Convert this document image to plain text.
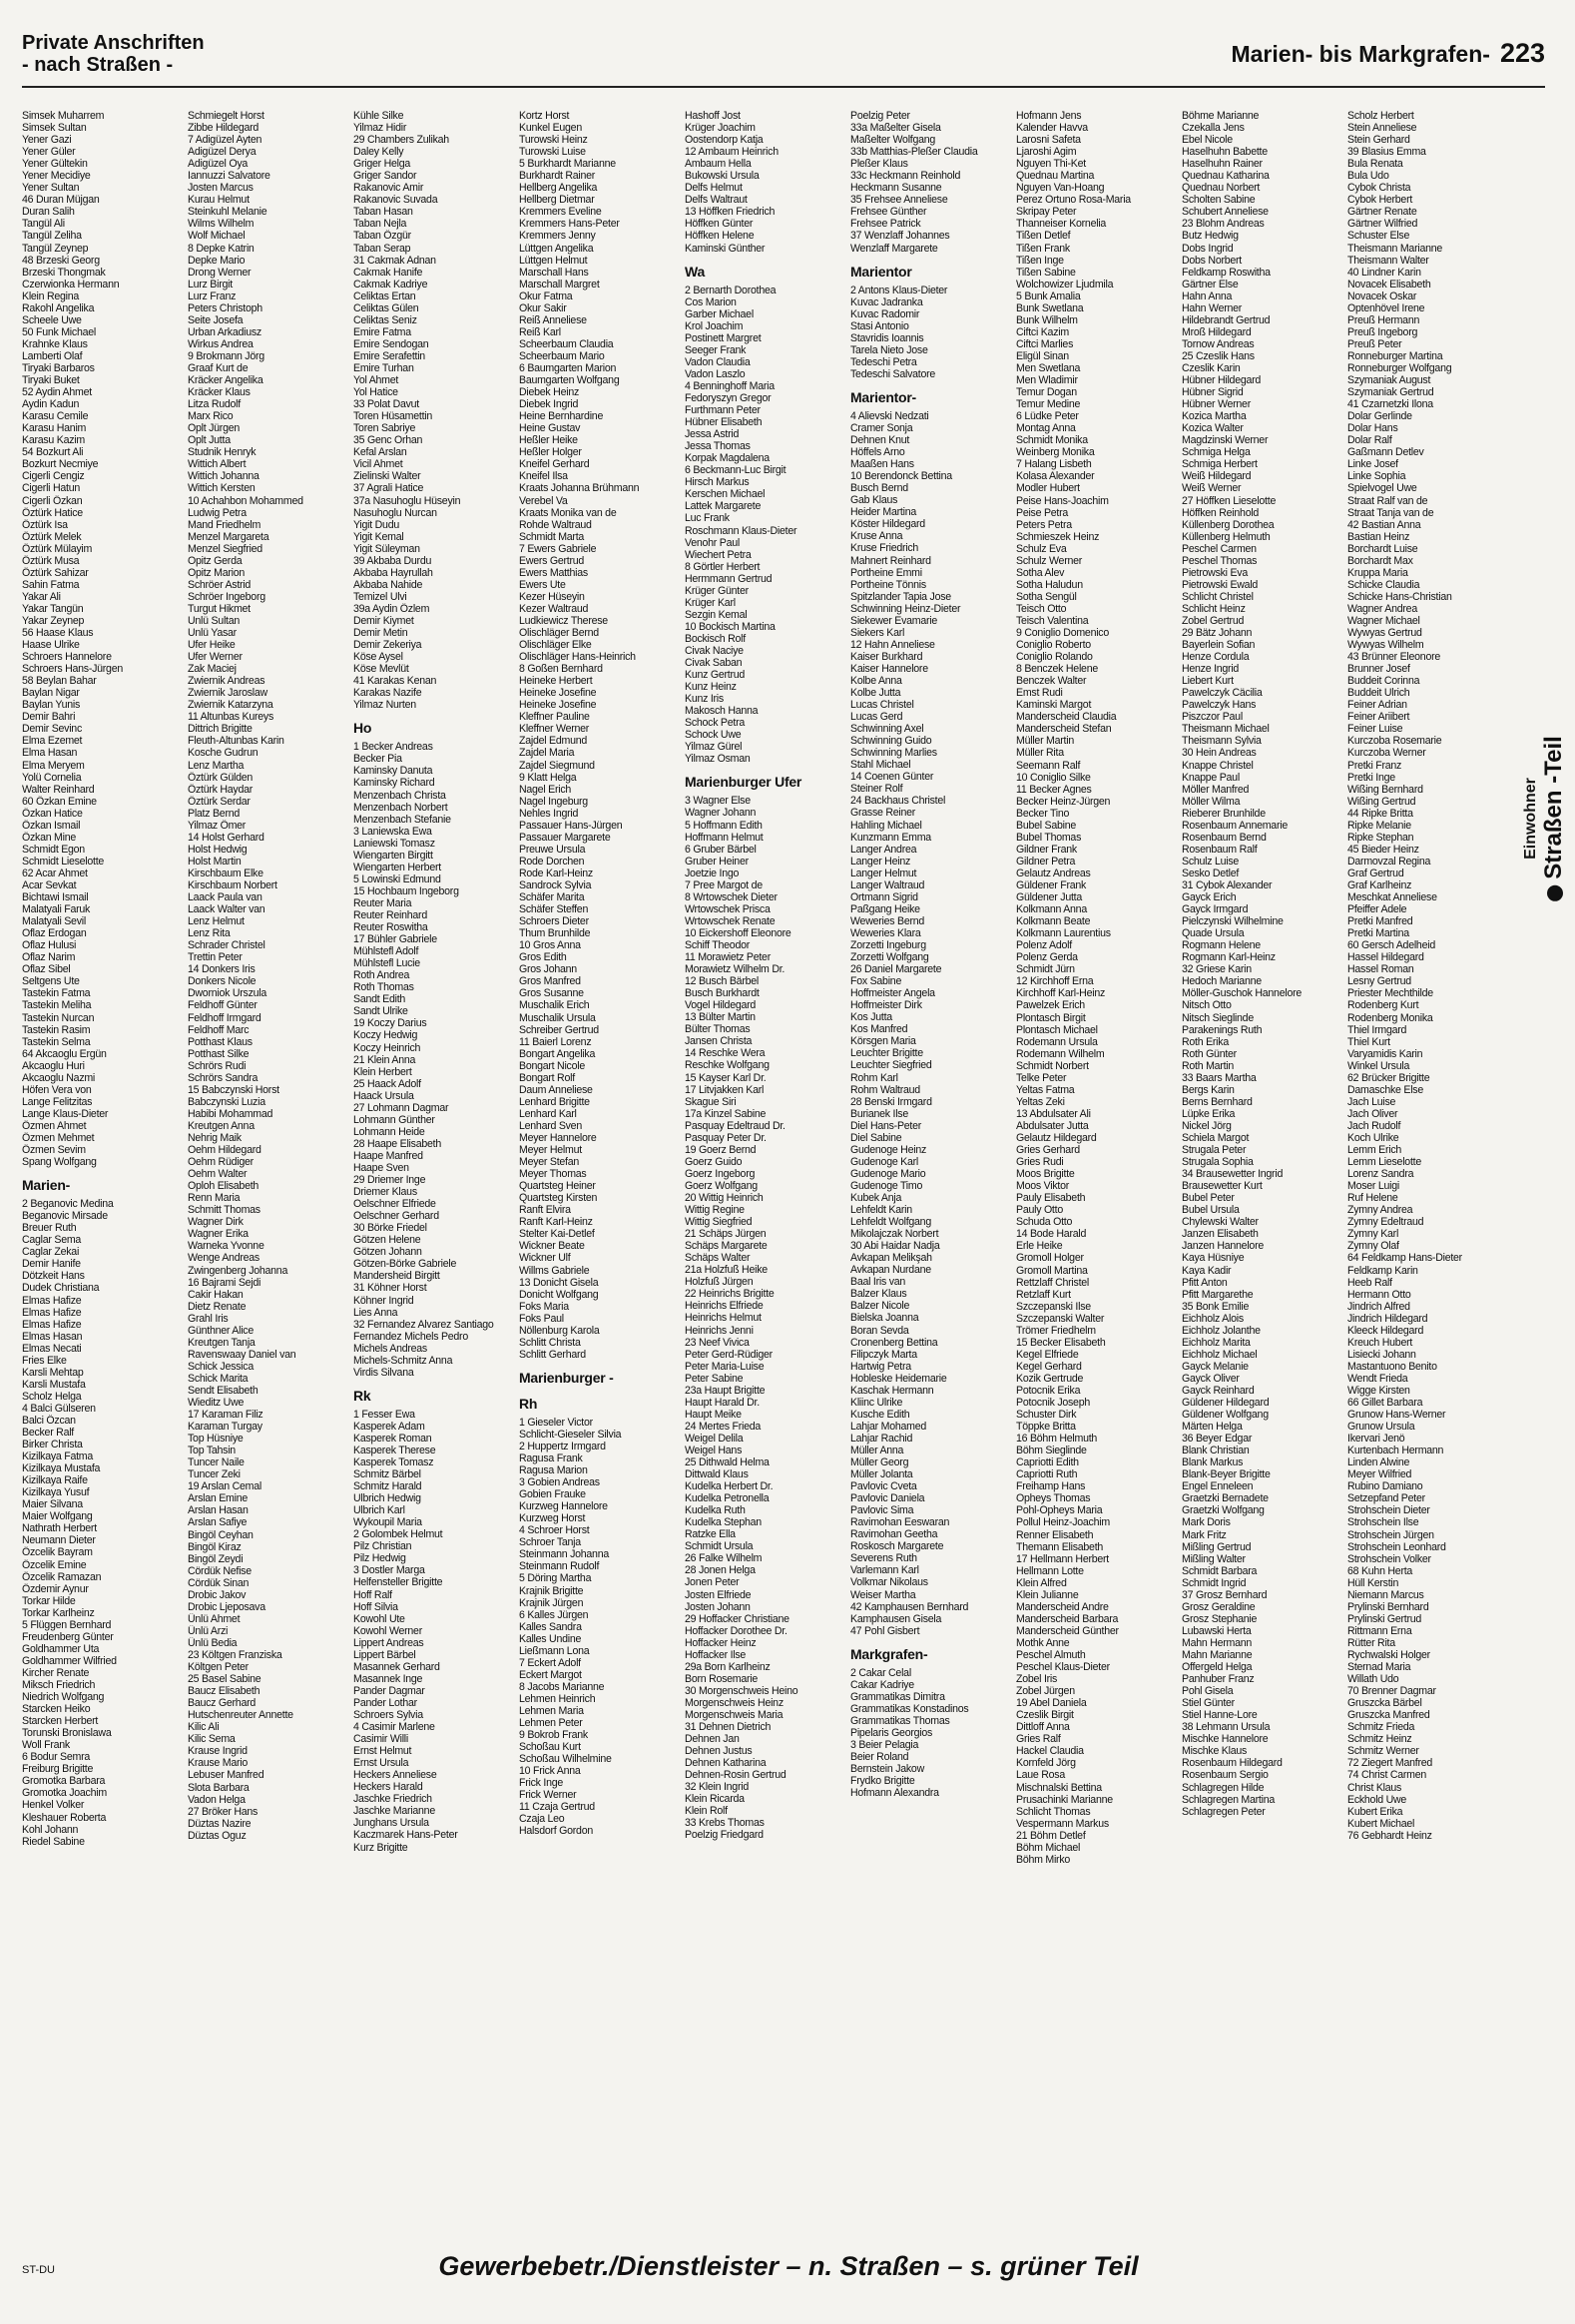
Private Anschriften
- nach Straßen -	Marien- bis Markgrafen- 223
Simsek Muharrem
Simsek Sultan
Yener Gazi
Yener Güler
Yener Gültekin
Yener Mecidiye
Yener Sultan
46 Duran Müjgan
Duran Salih
Tangül Ali
Tangül Zeliha
Tangül Zeynep
48 Brzeski Georg
Brzeski Thongmak
Czerwionka Hermann
Klein Regina
Rakohl Angelika
Scheele Uwe
50 Funk Michael
Krahnke Klaus
Lamberti Olaf
Tiryaki Barbaros
Tiryaki Buket
52 Aydin Ahmet
Aydin Kadun
Karasu Cemile
Karasu Hanim
Karasu Kazim
54 Bozkurt Ali
Bozkurt Necmiye
Cigerli Cengiz
Cigerli Hatun
Cigerli Özkan
Öztürk Hatice
Öztürk Isa
Öztürk Melek
Öztürk Mülayim
Öztürk Musa
Öztürk Sahizar
Sahin Fatma
Yakar Ali
Yakar Tangün
Yakar Zeynep
56 Haase Klaus
Haase Ulrike
Schroers Hannelore
Schroers Hans-Jürgen
58 Beylan Bahar
Baylan Nigar
Baylan Yunis
Demir Bahri
Demir Sevinc
Elma Ezemet
Elma Hasan
Elma Meryem
Yolü Cornelia
Walter Reinhard
60 Özkan Emine
Özkan Hatice
Özkan Ismail
Özkan Mine
Schmidt Egon
Schmidt Lieselotte
62 Acar Ahmet
Acar Sevkat
Bichtawi Ismail
Malatyali Faruk
Malatyali Sevil
Oflaz Erdogan
Oflaz Hulusi
Oflaz Narim
Oflaz Sibel
Seltgens Ute
Tastekin Fatma
Tastekin Meliha
Tastekin Nurcan
Tastekin Rasim
Tastekin Selma
64 Akcaoglu Ergün
Akcaoglu Huri
Akcaoglu Nazmi
Höfen Vera von
Lange Felitzitas
Lange Klaus-Dieter
Özmen Ahmet
Özmen Mehmet
Özmen Sevim
Spang Wolfgang
Marien-
2 Beganovic Medina
Beganovic Mirsade
Breuer Ruth
Caglar Sema
Caglar Zekai
Demir Hanife
Dötzkeit Hans
Dudek Christiana
Elmas Hafize
Elmas Hafize
Elmas Hafize
Elmas Hasan
Elmas Necati
Fries Elke
Karsli Mehtap
Karsli Mustafa
Scholz Helga
4 Balci Gülseren
Balci Özcan
Becker Ralf
Birker Christa
Kizilkaya Fatma
Kizilkaya Mustafa
Kizilkaya Raife
Kizilkaya Yusuf
Maier Silvana
Maier Wolfgang
Nathrath Herbert
Neumann Dieter
Özcelik Bayram
Özcelik Emine
Özcelik Ramazan
Özdemir Aynur
Torkar Hilde
Torkar Karlheinz
5 Flüggen Bernhard
Freudenberg Günter
Goldhammer Uta
Goldhammer Wilfried
Kircher Renate
Miksch Friedrich
Niedrich Wolfgang
Starcken Heiko
Starcken Herbert
Torunski Bronislawa
Woll Frank
6 Bodur Semra
Freiburg Brigitte
Gromotka Barbara
Gromotka Joachim
Henkel Volker
Kleshauer Roberta
Kohl Johann
Riedel Sabine
Schmiegelt Horst
Zibbe Hildegard
7 Adigüzel Ayten
Adigüzel Derya
Adigüzel Oya
Iannuzzi Salvatore
Josten Marcus
Kurau Helmut
Steinkuhl Melanie
Wilms Wilhelm
Wolf Michael
8 Depke Katrin
Depke Mario
Drong Werner
Lurz Birgit
Lurz Franz
Peters Christoph
Seite Josefa
Urban Arkadiusz
Wirkus Andrea
9 Brokmann Jörg
Graaf Kurt de
Kräcker Angelika
Kräcker Klaus
Litza Rudolf
Marx Rico
Oplt Jürgen
Oplt Jutta
Studnik Henryk
Wittich Albert
Wittich Johanna
Wittich Kersten
10 Achahbon Mohammed
Ludwig Petra
Mand Friedhelm
Menzel Margareta
Menzel Siegfried
Opitz Gerda
Opitz Marion
Schröer Astrid
Schröer Ingeborg
Turgut Hikmet
Unlü Sultan
Unlü Yasar
Ufer Heike
Ufer Werner
Zak Maciej
Zwiernik Andreas
Zwiernik Jaroslaw
Zwiernik Katarzyna
11 Altunbas Kureys
Dittrich Brigitte
Fleuth-Altunbas Karin
Kosche Gudrun
Lenz Martha
Öztürk Gülden
Öztürk Haydar
Öztürk Serdar
Platz Bernd
Yilmaz Ömer
14 Holst Gerhard
Holst Hedwig
Holst Martin
Kirschbaum Elke
Kirschbaum Norbert
Laack Paula van
Laack Walter van
Lenz Helmut
Lenz Rita
Schrader Christel
Trettin Peter
14 Donkers Iris
Donkers Nicole
Dworniok Urszula
Feldhoff Günter
Feldhoff Irmgard
Feldhoff Marc
Potthast Klaus
Potthast Silke
Schrörs Rudi
Schrörs Sandra
15 Babczynski Horst
Babczynski Luzia
Habibi Mohammad
Kreutgen Anna
Nehrig Maik
Oehm Hildegard
Oehm Rüdiger
Oehm Walter
Oploh Elisabeth
Renn Maria
Schmitt Thomas
Wagner Dirk
Wagner Erika
Warneka Yvonne
Wenge Andreas
Zwingenberg Johanna
16 Bajrami Sejdi
Cakir Hakan
Dietz Renate
Grahl Iris
Günthner Alice
Kreutgen Tanja
Ravenswaay Daniel van
Schick Jessica
Schick Marita
Sendt Elisabeth
Wieditz Uwe
17 Karaman Filiz
Karaman Turgay
Top Hüsniye
Top Tahsin
Tuncer Naile
Tuncer Zeki
19 Arslan Cemal
Arslan Emine
Arslan Hasan
Arslan Safiye
Bingöl Ceyhan
Bingöl Kiraz
Bingöl Zeydi
Cördük Nefise
Cördük Sinan
Drobic Jakov
Drobic Ljeposava
Ünlü Ahmet
Ünlü Arzi
Ünlü Bedia
23 Költgen Franziska
Költgen Peter
25 Basel Sabine
Baucz Elisabeth
Baucz Gerhard
Hutschenreuter Annette
Kilic Ali
Kilic Sema
Krause Ingrid
Krause Mario
Lebuser Manfred
Slota Barbara
Vadon Helga
27 Bröker Hans
Düztas Nazire
Düztas Oguz
Kühle Silke
Yilmaz Hidir
29 Chambers Zulikah
Daley Kelly
Griger Helga
Griger Sandor
Rakanovic Amir
Rakanovic Suvada
Taban Hasan
Taban Nejla
Taban Özgür
Taban Serap
31 Cakmak Adnan
Cakmak Hanife
Cakmak Kadriye
Celiktas Ertan
Celiktas Gülen
Celiktas Seniz
Emire Fatma
Emire Sendogan
Emire Serafettin
Emire Turhan
Yol Ahmet
Yol Hatice
33 Polat Davut
Toren Hüsamettin
Toren Sabriye
35 Genc Orhan
Kefal Arslan
Vicil Ahmet
Zielinski Walter
37 Agrali Hatice
37a Nasuhoglu Hüseyin
Nasuhoglu Nurcan
Yigit Dudu
Yigit Kemal
Yigit Süleyman
39 Akbaba Durdu
Akbaba Hayrullah
Akbaba Nahide
Temizel Ulvi
39a Aydin Özlem
Demir Kiymet
Demir Metin
Demir Zekeriya
Köse Aysel
Köse Mevlüt
41 Karakas Kenan
Karakas Nazife
Yilmaz Nurten
Ho
1 Becker Andreas
Becker Pia
Kaminsky Danuta
Kaminsky Richard
Menzenbach Christa
Menzenbach Norbert
Menzenbach Stefanie
3 Laniewska Ewa
Laniewski Tomasz
Wiengarten Birgitt
Wiengarten Herbert
5 Lowinski Edmund
15 Hochbaum Ingeborg
Reuter Maria
Reuter Reinhard
Reuter Roswitha
17 Bühler Gabriele
Mühlstefl Adolf
Mühlstefl Lucie
Roth Andrea
Roth Thomas
Sandt Edith
Sandt Ulrike
19 Koczy Darius
Koczy Hedwig
Koczy Heinrich
21 Klein Anna
Klein Herbert
25 Haack Adolf
Haack Ursula
27 Lohmann Dagmar
Lohmann Günther
Lohmann Heide
28 Haape Elisabeth
Haape Manfred
Haape Sven
29 Driemer Inge
Driemer Klaus
Oelschner Elfriede
Oelschner Gerhard
30 Börke Friedel
Götzen Helene
Götzen Johann
Götzen-Börke Gabriele
Mandersheid Birgitt
31 Köhner Horst
Köhner Ingrid
Lies Anna
32 Fernandez Alvarez Santiago
Fernandez Michels Pedro
Michels Andreas
Michels-Schmitz Anna
Virdis Silvana
Rk
1 Fesser Ewa
Kasperek Adam
Kasperek Roman
Kasperek Therese
Kasperek Tomasz
Schmitz Bärbel
Schmitz Harald
Ulbrich Hedwig
Ulbrich Karl
Wykoupil Maria
2 Golombek Helmut
Pilz Christian
Pilz Hedwig
3 Dostler Marga
Helfensteller Brigitte
Hoff Ralf
Hoff Silvia
Kowohl Ute
Kowohl Werner
Lippert Andreas
Lippert Bärbel
Masannek Gerhard
Masannek Inge
Pander Dagmar
Pander Lothar
Schroers Sylvia
4 Casimir Marlene
Casimir Willi
Ernst Helmut
Ernst Ursula
Heckers Anneliese
Heckers Harald
Jaschke Friedrich
Jaschke Marianne
Junghans Ursula
Kaczmarek Hans-Peter
Kurz Brigitte
Kortz Horst
Kunkel Eugen
Turowski Heinz
Turowski Luise
5 Burkhardt Marianne
Burkhardt Rainer
Hellberg Angelika
Hellberg Dietmar
Kremmers Eveline
Kremmers Hans-Peter
Kremmers Jenny
Lüttgen Angelika
Lüttgen Helmut
Marschall Hans
Marschall Margret
Okur Fatma
Okur Sakir
Reiß Anneliese
Reiß Karl
Scheerbaum Claudia
Scheerbaum Mario
6 Baumgarten Marion
Baumgarten Wolfgang
Diebek Heinz
Diebek Ingrid
Heine Bernhardine
Heine Gustav
Heßler Heike
Heßler Holger
Kneifel Gerhard
Kneifel Ilsa
Kraats Johanna Brühmann
Verebel Va
Kraats Monika van de
Rohde Waltraud
Schmidt Marta
7 Ewers Gabriele
Ewers Gertrud
Ewers Matthias
Ewers Ute
Kezer Hüseyin
Kezer Waltraud
Ludkiewicz Therese
Olischläger Bernd
Olischläger Elke
Olischläger Hans-Heinrich
8 Goßen Bernhard
Heineke Herbert
Heineke Josefine
Heineke Josefine
Kleffner Pauline
Kleffner Werner
Zajdel Edmund
Zajdel Maria
Zajdel Siegmund
9 Klatt Helga
Nagel Erich
Nagel Ingeburg
Nehles Ingrid
Passauer Hans-Jürgen
Passauer Margarete
Preuwe Ursula
Rode Dorchen
Rode Karl-Heinz
Sandrock Sylvia
Schäfer Marita
Schäfer Steffen
Schroers Dieter
Thum Brunhilde
10 Gros Anna
Gros Edith
Gros Johann
Gros Manfred
Gros Susanne
Muschalik Erich
Muschalik Ursula
Schreiber Gertrud
11 Baierl Lorenz
Bongart Angelika
Bongart Nicole
Bongart Rolf
Daum Anneliese
Lenhard Brigitte
Lenhard Karl
Lenhard Sven
Meyer Hannelore
Meyer Helmut
Meyer Stefan
Meyer Thomas
Quartsteg Heiner
Quartsteg Kirsten
Ranft Elvira
Ranft Karl-Heinz
Stelter Kai-Detlef
Wickner Beate
Wickner Ulf
Willms Gabriele
13 Donicht Gisela
Donicht Wolfgang
Foks Maria
Foks Paul
Nöllenburg Karola
Schlitt Christa
Schlitt Gerhard
Marienburger -
Rh
1 Gieseler Victor
Schlicht-Gieseler Silvia
2 Huppertz Irmgard
Ragusa Frank
Ragusa Marion
3 Gobien Andreas
Gobien Frauke
Kurzweg Hannelore
Kurzweg Horst
4 Schroer Horst
Schroer Tanja
Steinmann Johanna
Steinmann Rudolf
5 Döring Martha
Krajnik Brigitte
Krajnik Jürgen
6 Kalles Jürgen
Kalles Sandra
Kalles Undine
Ließmann Lona
7 Eckert Adolf
Eckert Margot
8 Jacobs Marianne
Lehmen Heinrich
Lehmen Maria
Lehmen Peter
9 Bokrob Frank
Schoßau Kurt
Schoßau Wilhelmine
10 Frick Anna
Frick Inge
Frick Werner
11 Czaja Gertrud
Czaja Leo
Halsdorf Gordon
Hashoff Jost
Krüger Joachim
Oostendorp Katja
12 Ambaum Heinrich
Ambaum Hella
Bukowski Ursula
Delfs Helmut
Delfs Waltraut
13 Höffken Friedrich
Höffken Günter
Höffken Helene
Kaminski Günther
Wa
2 Bernarth Dorothea
Cos Marion
Garber Michael
Krol Joachim
Postinett Margret
Seeger Frank
Vadon Claudia
Vadon Laszlo
4 Benninghoff Maria
Fedoryszyn Gregor
Furthmann Peter
Hübner Elisabeth
Jessa Astrid
Jessa Thomas
Korpak Magdalena
6 Beckmann-Luc Birgit
Hirsch Markus
Kerschen Michael
Lattek Margarete
Luc Frank
Roschmann Klaus-Dieter
Venohr Paul
Wiechert Petra
8 Görtler Herbert
Hermmann Gertrud
Krüger Günter
Krüger Karl
Sezgin Kemal
10 Bockisch Martina
Bockisch Rolf
Civak Naciye
Civak Saban
Kunz Gertrud
Kunz Heinz
Kunz Iris
Makosch Hanna
Schock Petra
Schock Uwe
Yilmaz Gürel
Yilmaz Osman
Marienburger Ufer
3 Wagner Else
Wagner Johann
5 Hoffmann Edith
Hoffmann Helmut
6 Gruber Bärbel
Gruber Heiner
Joetzie Ingo
7 Pree Margot de
8 Wrtowschek Dieter
Wrtowschek Prisca
Wrtowschek Renate
10 Eickershoff Eleonore
Schiff Theodor
11 Morawietz Peter
Morawietz Wilhelm Dr.
12 Busch Bärbel
Busch Burkhardt
Vogel Hildegard
13 Bülter Martin
Bülter Thomas
Jansen Christa
14 Reschke Wera
Reschke Wolfgang
15 Kayser Karl Dr.
17 Litvjakken Karl
Skague Siri
17a Kinzel Sabine
Pasquay Edeltraud Dr.
Pasquay Peter Dr.
19 Goerz Bernd
Goerz Guido
Goerz Ingeborg
Goerz Wolfgang
20 Wittig Heinrich
Wittig Regine
Wittig Siegfried
21 Schäps Jürgen
Schäps Margarete
Schäps Walter
21a Holzfuß Heike
Holzfuß Jürgen
22 Heinrichs Brigitte
Heinrichs Elfriede
Heinrichs Helmut
Heinrichs Jenni
23 Neef Vivica
Peter Gerd-Rüdiger
Peter Maria-Luise
Peter Sabine
23a Haupt Brigitte
Haupt Harald Dr.
Haupt Meike
24 Mertes Frieda
Weigel Delila
Weigel Hans
25 Dithwald Helma
Dittwald Klaus
Kudelka Herbert Dr.
Kudelka Petronella
Kudelka Ruth
Kudelka Stephan
Ratzke Ella
Schmidt Ursula
26 Falke Wilhelm
28 Jonen Helga
Jonen Peter
Josten Elfriede
Josten Johann
29 Hoffacker Christiane
Hoffacker Dorothee Dr.
Hoffacker Heinz
Hoffacker Ilse
29a Born Karlheinz
Born Rosemarie
30 Morgenschweis Heino
Morgenschweis Heinz
Morgenschweis Maria
31 Dehnen Dietrich
Dehnen Jan
Dehnen Justus
Dehnen Katharina
Dehnen-Rosin Gertrud
32 Klein Ingrid
Klein Ricarda
Klein Rolf
33 Krebs Thomas
Poelzig Friedgard
Poelzig Peter
33a Maßelter Gisela
Maßelter Wolfgang
33b Matthias-Pleßer Claudia
Pleßer Klaus
33c Heckmann Reinhold
Heckmann Susanne
35 Frehsee Anneliese
Frehsee Günther
Frehsee Patrick
37 Wenzlaff Johannes
Wenzlaff Margarete
Marientor
2 Antons Klaus-Dieter
Kuvac Jadranka
Kuvac Radomir
Stasi Antonio
Stavridis Ioannis
Tarela Nieto Jose
Tedeschi Petra
Tedeschi Salvatore
Marientor-
4 Alievski Nedzati
Cramer Sonja
Dehnen Knut
Höffels Arno
Maaßen Hans
10 Berendonck Bettina
Busch Bernd
Gab Klaus
Heider Martina
Köster Hildegard
Kruse Anna
Kruse Friedrich
Mahnert Reinhard
Portheine Emmi
Portheine Tönnis
Spitzlander Tapia Jose
Schwinning Heinz-Dieter
Siekewer Evamarie
Siekers Karl
12 Hahn Anneliese
Kaiser Burkhard
Kaiser Hannelore
Kolbe Anna
Kolbe Jutta
Lucas Christel
Lucas Gerd
Schwinning Axel
Schwinning Guido
Schwinning Marlies
Stahl Michael
14 Coenen Günter
Steiner Rolf
24 Backhaus Christel
Grasse Reiner
Hahling Michael
Kunzmann Emma
Langer Andrea
Langer Heinz
Langer Helmut
Langer Waltraud
Ortmann Sigrid
Paßgang Heike
Weweries Bernd
Weweries Klara
Zorzetti Ingeburg
Zorzetti Wolfgang
26 Daniel Margarete
Fox Sabine
Hoffmeister Angela
Hoffmeister Dirk
Kos Jutta
Kos Manfred
Körsgen Maria
Leuchter Brigitte
Leuchter Siegfried
Rohm Karl
Rohm Waltraud
28 Benski Irmgard
Burianek Ilse
Diel Hans-Peter
Diel Sabine
Gudenoge Heinz
Gudenoge Karl
Gudenoge Mario
Gudenoge Timo
Kubek Anja
Lehfeldt Karin
Lehfeldt Wolfgang
Mikolajczak Norbert
30 Abi Haidar Nadja
Avkapan Melikşah
Avkapan Nurdane
Baal Iris van
Balzer Klaus
Balzer Nicole
Bielska Joanna
Boran Sevda
Cronenberg Bettina
Filipczyk Marta
Hartwig Petra
Hobleske Heidemarie
Kaschak Hermann
Kliinc Ulrike
Kusche Edith
Lahjar Mohamed
Lahjar Rachid
Müller Anna
Müller Georg
Müller Jolanta
Pavlovic Cveta
Pavlovic Daniela
Pavlovic Sima
Ravimohan Eeswaran
Ravimohan Geetha
Roskosch Margarete
Severens Ruth
Varlemann Karl
Volkmar Nikolaus
Weiser Martha
42 Kamphausen Bernhard
Kamphausen Gisela
47 Pohl Gisbert
Markgrafen-
2 Cakar Celal
Cakar Kadriye
Grammatikas Dimitra
Grammatikas Konstadinos
Grammatikas Thomas
Pipelaris Georgios
3 Beier Pelagia
Beier Roland
Bernstein Jakow
Frydko Brigitte
Hofmann Alexandra
Hofmann Jens
Kalender Havva
Larosni Safeta
Ljaroshi Agim
Nguyen Thi-Ket
Quednau Martina
Nguyen Van-Hoang
Perez Ortuno Rosa-Maria
Skripay Peter
Thanneiser Kornelia
Tißen Detlef
Tißen Frank
Tißen Inge
Tißen Sabine
Wolchowizer Ljudmila
5 Bunk Amalia
Bunk Swetlana
Bunk Wilhelm
Ciftci Kazim
Ciftci Marlies
Eligül Sinan
Men Swetlana
Men Wladimir
Temur Dogan
Temur Medine
6 Lüdke Peter
Montag Anna
Schmidt Monika
Weinberg Monika
7 Halang Lisbeth
Kolasa Alexander
Modler Hubert
Peise Hans-Joachim
Peise Petra
Peters Petra
Schmieszek Heinz
Schulz Eva
Schulz Werner
Sotha Alev
Sotha Haludun
Sotha Sengül
Teisch Otto
Teisch Valentina
9 Coniglio Domenico
Coniglio Roberto
Coniglio Rolando
8 Benczek Helene
Benczek Walter
Emst Rudi
Kaminski Margot
Manderscheid Claudia
Manderscheid Stefan
Müller Martin
Müller Rita
Seemann Ralf
10 Coniglio Silke
11 Becker Agnes
Becker Heinz-Jürgen
Becker Tino
Bubel Sabine
Bubel Thomas
Gildner Frank
Gildner Petra
Gelautz Andreas
Güldener Frank
Güldener Jutta
Kolkmann Anna
Kolkmann Beate
Kolkmann Laurentius
Polenz Adolf
Polenz Gerda
Schmidt Jürn
12 Kirchhoff Erna
Kirchhoff Karl-Heinz
Pawelzek Erich
Plontasch Birgit
Plontasch Michael
Rodemann Ursula
Rodemann Wilhelm
Schmidt Norbert
Telke Peter
Yeltas Fatma
Yeltas Zeki
13 Abdulsater Ali
Abdulsater Jutta
Gelautz Hildegard
Gries Gerhard
Gries Rudi
Moos Brigitte
Moos Viktor
Pauly Elisabeth
Pauly Otto
Schuda Otto
14 Bode Harald
Erle Heike
Gromoll Holger
Gromoll Martina
Rettzlaff Christel
Retzlaff Kurt
Szczepanski Ilse
Szczepanski Walter
Trömer Friedhelm
15 Becker Elisabeth
Kegel Elfriede
Kegel Gerhard
Kozik Gertrude
Potocnik Erika
Potocnik Joseph
Schuster Dirk
Töppke Britta
16 Böhm Helmuth
Böhm Sieglinde
Capriotti Edith
Capriotti Ruth
Freihamp Hans
Opheys Thomas
Pohl-Opheys Maria
Pollul Heinz-Joachim
Renner Elisabeth
Themann Elisabeth
17 Hellmann Herbert
Hellmann Lotte
Klein Alfred
Klein Julianne
Manderscheid Andre
Manderscheid Barbara
Manderscheid Günther
Mothk Anne
Peschel Almuth
Peschel Klaus-Dieter
Zobel Iris
Zobel Jürgen
19 Abel Daniela
Czeslik Birgit
Dittloff Anna
Gries Ralf
Hackel Claudia
Kornfeld Jörg
Laue Rosa
Mischnalski Bettina
Prusachinki Marianne
Schlicht Thomas
Vespermann Markus
21 Böhm Detlef
Böhm Michael
Böhm Mirko
Böhme Marianne
Czekalla Jens
Ebel Nicole
Haselhuhn Babette
Haselhuhn Rainer
Quednau Katharina
Quednau Norbert
Scholten Sabine
Schubert Anneliese
23 Blohm Andreas
Butz Hedwig
Dobs Ingrid
Dobs Norbert
Feldkamp Roswitha
Gärtner Else
Hahn Anna
Hahn Werner
Hildebrandt Gertrud
Mroß Hildegard
Tornow Andreas
25 Czeslik Hans
Czeslik Karin
Hübner Hildegard
Hübner Sigrid
Hübner Werner
Kozica Martha
Kozica Walter
Magdzinski Werner
Schmiga Helga
Schmiga Herbert
Weiß Hildegard
Weiß Werner
27 Höffken Lieselotte
Höffken Reinhold
Küllenberg Dorothea
Küllenberg Helmuth
Peschel Carmen
Peschel Thomas
Pietrowski Eva
Pietrowski Ewald
Schlicht Christel
Schlicht Heinz
Zobel Gertrud
29 Bätz Johann
Bayerlein Sofian
Henze Cordula
Henze Ingrid
Liebert Kurt
Pawelczyk Cäcilia
Pawelczyk Hans
Piszczor Paul
Theismann Michael
Theismann Sylvia
30 Hein Andreas
Knappe Christel
Knappe Paul
Möller Manfred
Möller Wilma
Rieberer Brunhilde
Rosenbaum Annemarie
Rosenbaum Bernd
Rosenbaum Ralf
Schulz Luise
Sesko Detlef
31 Cybok Alexander
Gayck Erich
Gayck Irmgard
Pielczynski Wilhelmine
Quade Ursula
Rogmann Helene
Rogmann Karl-Heinz
32 Griese Karin
Hedoch Marianne
Möller-Guschok Hannelore
Nitsch Otto
Nitsch Sieglinde
Parakenings Ruth
Roth Erika
Roth Günter
Roth Martin
33 Baars Martha
Bergs Karin
Berns Bernhard
Lüpke Erika
Nickel Jörg
Schiela Margot
Strugala Peter
Strugala Sophia
34 Brausewetter Ingrid
Brausewetter Kurt
Bubel Peter
Bubel Ursula
Chylewski Walter
Janzen Elisabeth
Janzen Hannelore
Kaya Hüsniye
Kaya Kadir
Pfitt Anton
Pfitt Margarethe
35 Bonk Emilie
Eichholz Alois
Eichholz Jolanthe
Eichholz Marita
Eichholz Michael
Gayck Melanie
Gayck Oliver
Gayck Reinhard
Güldener Hildegard
Güldener Wolfgang
Märten Helga
36 Beyer Edgar
Blank Christian
Blank Markus
Blank-Beyer Brigitte
Engel Enneleen
Graetzki Bernadete
Graetzki Wolfgang
Mark Doris
Mark Fritz
Mißling Gertrud
Mißling Walter
Schmidt Barbara
Schmidt Ingrid
37 Grosz Bernhard
Grosz Geraldine
Grosz Stephanie
Lubawski Herta
Mahn Hermann
Mahn Marianne
Offergeld Helga
Panhuber Franz
Pohl Gisela
Stiel Günter
Stiel Hanne-Lore
38 Lehmann Ursula
Mischke Hannelore
Mischke Klaus
Rosenbaum Hildegard
Rosenbaum Sergio
Schlagregen Hilde
Schlagregen Martina
Schlagregen Peter
Scholz Herbert
Stein Anneliese
Stein Gerhard
39 Blasius Emma
Bula Renata
Bula Udo
Cybok Christa
Cybok Herbert
Gärtner Renate
Gärtner Wilfried
Schuster Else
Theismann Marianne
Theismann Walter
40 Lindner Karin
Novacek Elisabeth
Novacek Oskar
Optenhövel Irene
Preuß Hermann
Preuß Ingeborg
Preuß Peter
Ronneburger Martina
Ronneburger Wolfgang
Szymaniak August
Szymaniak Gertrud
41 Czarnetzki Ilona
Dolar Gerlinde
Dolar Hans
Dolar Ralf
Gaßmann Detlev
Linke Josef
Linke Sophia
Spielvogel Uwe
Straat Ralf van de
Straat Tanja van de
42 Bastian Anna
Bastian Heinz
Borchardt Luise
Borchardt Max
Kruppa Maria
Schicke Claudia
Schicke Hans-Christian
Wagner Andrea
Wagner Michael
Wywyas Gertrud
Wywyas Wilhelm
43 Brünner Eleonore
Brunner Josef
Buddeit Corinna
Buddeit Ulrich
Feiner Adrian
Feiner Ariibert
Feiner Luise
Kurczoba Rosemarie
Kurczoba Werner
Pretki Franz
Pretki Inge
Wißing Bernhard
Wißing Gertrud
44 Ripke Britta
Ripke Melanie
Ripke Stephan
45 Bieder Heinz
Darmovzal Regina
Graf Gertrud
Graf Karlheinz
Meschkat Anneliese
Pfeiffer Adele
Pretki Manfred
Pretki Martina
60 Gersch Adelheid
Hassel Hildegard
Hassel Roman
Lesny Gertrud
Priester Mechthilde
Rodenberg Kurt
Rodenberg Monika
Thiel Irmgard
Thiel Kurt
Varyamidis Karin
Winkel Ursula
62 Brücker Brigitte
Damaschke Else
Jach Luise
Jach Oliver
Jach Rudolf
Koch Ulrike
Lemm Erich
Lemm Lieselotte
Lorenz Sandra
Moser Luigi
Ruf Helene
Zymny Andrea
Zymny Edeltraud
Zymny Karl
Zymny Olaf
64 Feldkamp Hans-Dieter
Feldkamp Karin
Heeb Ralf
Hermann Otto
Jindrich Alfred
Jindrich Hildegard
Kleeck Hildegard
Kreuch Hubert
Lisiecki Johann
Mastantuono Benito
Wendt Frieda
Wigge Kirsten
66 Gillet Barbara
Grunow Hans-Werner
Grunow Ursula
Ikervari Jenö
Kurtenbach Hermann
Linden Alwine
Meyer Wilfried
Rubino Damiano
Setzepfand Peter
Strohschein Dieter
Strohschein Ilse
Strohschein Jürgen
Strohschein Leonhard
Strohschein Volker
68 Kuhn Herta
Hüll Kerstin
Niemann Marcus
Prylinski Bernhard
Prylinski Gertrud
Rittmann Erna
Rütter Rita
Rychwalski Holger
Sternad Maria
Willath Udo
70 Brenner Dagmar
Gruszcka Bärbel
Gruszcka Manfred
Schmitz Frieda
Schmitz Heinz
Schmitz Werner
72 Ziegert Manfred
74 Christ Carmen
Christ Klaus
Eckhold Uwe
Kubert Erika
Kubert Michael
76 Gebhardt Heinz
Einwohner Straßen -Teil
ST-DU	Gewerbebetr./Dienstleister – n. Straßen – s. grüner Teil
